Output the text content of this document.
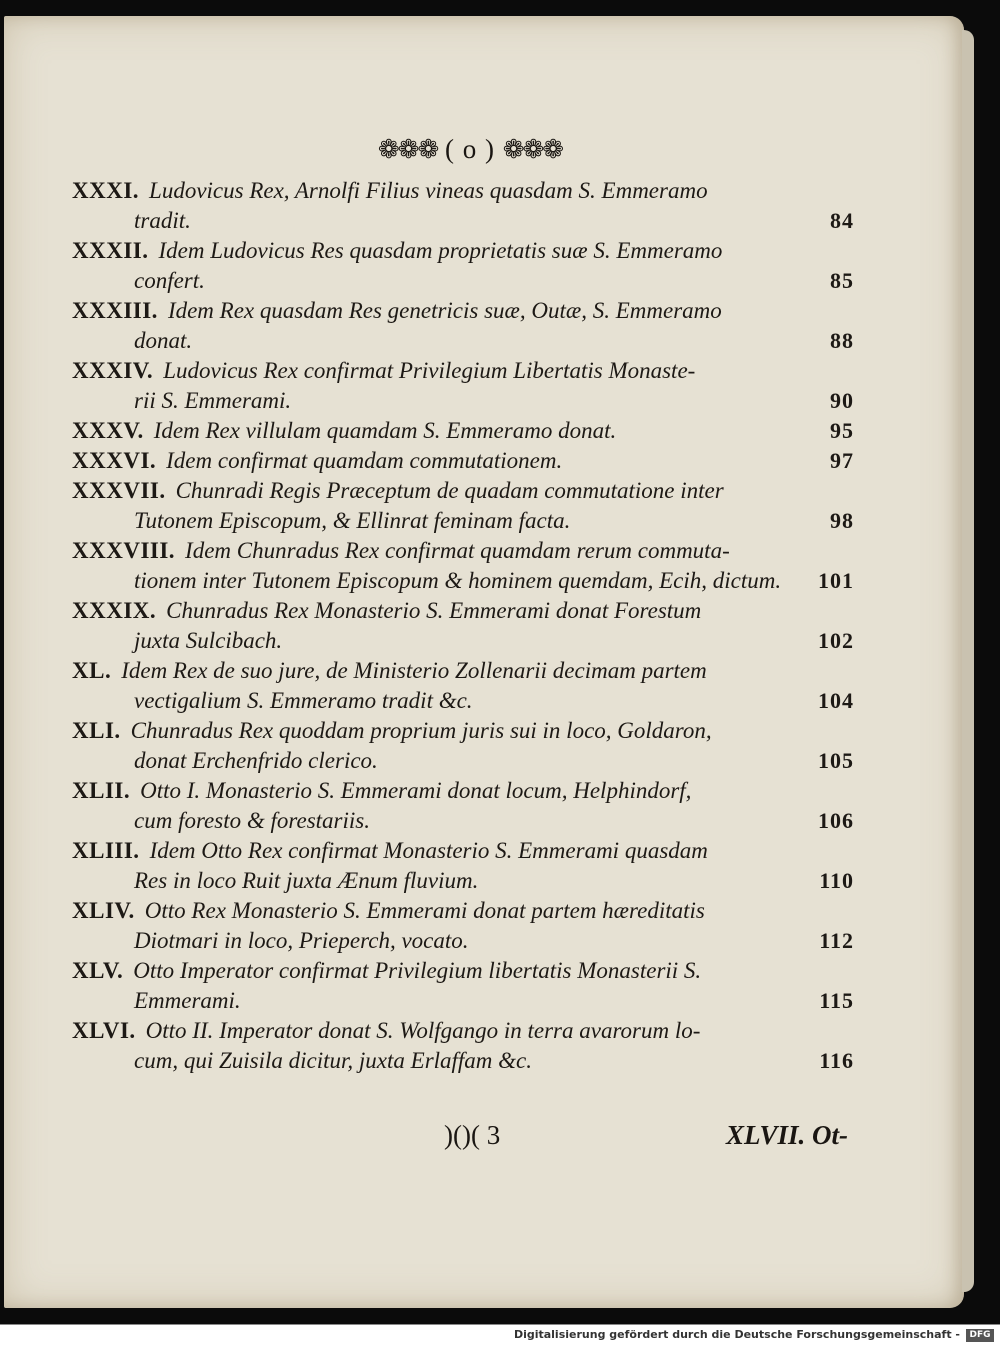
❁❁❁ ( o ) ❁❁❁
XXXI. Ludovicus Rex, Arnolfi Filius vineas quasdam S. Emmeramo
tradit.	84
XXXII. Idem Ludovicus Res quasdam proprietatis suæ S. Emmeramo
confert.	85
XXXIII. Idem Rex quasdam Res genetricis suæ, Outæ, S. Emmeramo
donat.	88
XXXIV. Ludovicus Rex confirmat Privilegium Libertatis Monaste-
rii S. Emmerami.	90
XXXV. Idem Rex villulam quamdam S. Emmeramo donat.	95
XXXVI. Idem confirmat quamdam commutationem.	97
XXXVII. Chunradi Regis Præceptum de quadam commutatione inter
Tutonem Episcopum, & Ellinrat feminam facta.	98
XXXVIII. Idem Chunradus Rex confirmat quamdam rerum commuta-
tionem inter Tutonem Episcopum & hominem quemdam, Ecih, dictum.	101
XXXIX. Chunradus Rex Monasterio S. Emmerami donat Forestum
juxta Sulcibach.	102
XL. Idem Rex de suo jure, de Ministerio Zollenarii decimam partem
vectigalium S. Emmeramo tradit &c.	104
XLI. Chunradus Rex quoddam proprium juris sui in loco, Goldaron,
donat Erchenfrido clerico.	105
XLII. Otto I. Monasterio S. Emmerami donat locum, Helphindorf,
cum foresto & forestariis.	106
XLIII. Idem Otto Rex confirmat Monasterio S. Emmerami quasdam
Res in loco Ruit juxta Ænum fluvium.	110
XLIV. Otto Rex Monasterio S. Emmerami donat partem hæreditatis
Diotmari in loco, Prieperch, vocato.	112
XLV. Otto Imperator confirmat Privilegium libertatis Monasterii S.
Emmerami.	115
XLVI. Otto II. Imperator donat S. Wolfgango in terra avarorum lo-
cum, qui Zuisila dicitur, juxta Erlaffam &c.	116
)()( 3	XLVII. Ot-
Digitalisierung gefördert durch die Deutsche Forschungsgemeinschaft -	DFG
